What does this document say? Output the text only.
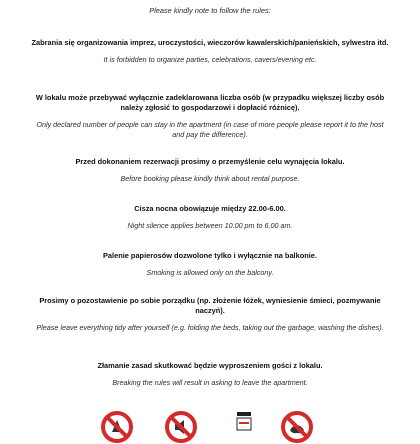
Please kindly note to follow the rules:
Zabrania się organizowania imprez, uroczystości, wieczorów kawalerskich/panieńskich, sylwestra itd.
It is forbidden to organize parties, celebrations, cavers/evening etc.
W lokalu może przebywać wyłącznie zadeklarowana liczba osób (w przypadku większej liczby osób należy zgłosić to gospodarzowi i dopłacić różnicę).
Only declared number of people can stay in the apartment (in case of more people please report it to the host and pay the difference).
Przed dokonaniem rezerwacji prosimy o przemyślenie celu wynajęcia lokalu.
Before booking please kindly think about rental purpose.
Cisza nocna obowiązuje między 22.00-6.00.
Night silence applies between 10.00 pm to 6.00 am.
Palenie papierosów dozwolone tylko i wyłącznie na balkonie.
Smoking is allowed only on the balcony.
Prosimy o pozostawienie po sobie porządku (np. złożenie łóżek, wyniesienie śmieci, pozmywanie naczyń).
Please leave everything tidy after yourself (e.g. folding the beds, taking out the garbage, washing the dishes).
Złamanie zasad skutkować będzie wyproszeniem gości z lokalu.
Breaking the rules will result in asking to leave the apartment.
